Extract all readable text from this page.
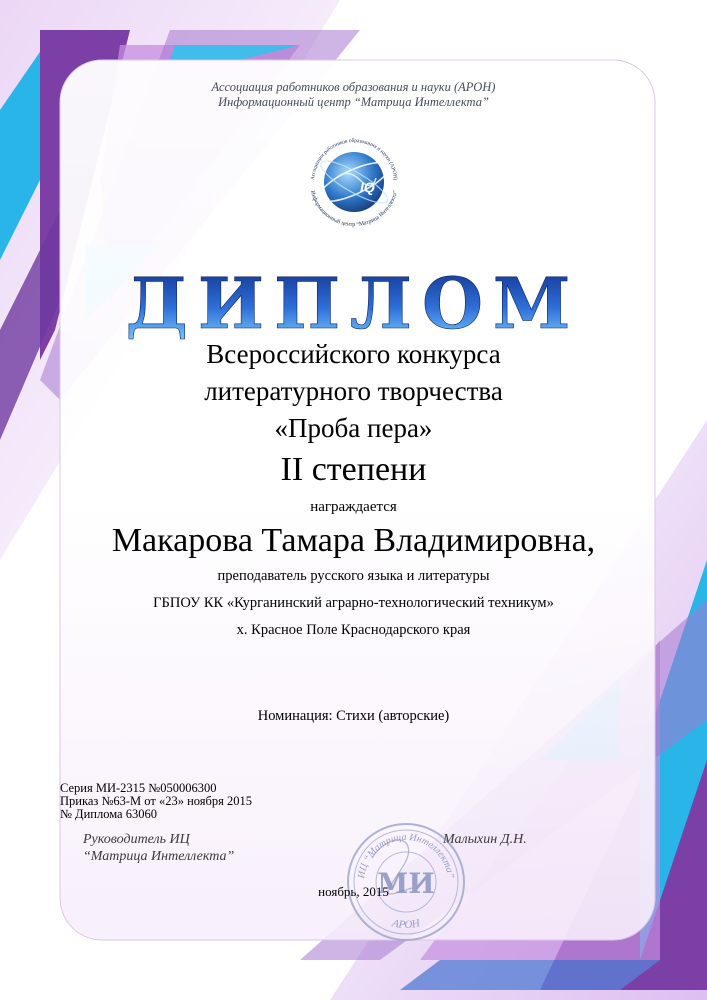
Ассоциация работников образования и науки (АРОН)
Информационный центр “Матрица Интеллекта”
IQ
Ассоциация работников образования и науки (АРОН)
Информационный центр “Матрица Интеллекта”
ДИПЛОМ
Всероссийского конкурса
литературного творчества
«Проба пера»
II степени
награждается
Макарова Тамара Владимировна,
преподаватель русского языка и литературы
ГБПОУ КК «Курганинский аграрно-технологический техникум»
х. Красное Поле Краснодарского края
Номинация: Стихи (авторские)
Серия МИ-2315 №050006300
Приказ №63-М от «23» ноября 2015
№ Диплома 63060
ИЦ “Матрица Интеллекта”
АРОН
МИ
Руководитель ИЦ
“Матрица Интеллекта”
Малыхин Д.Н.
ноябрь, 2015
